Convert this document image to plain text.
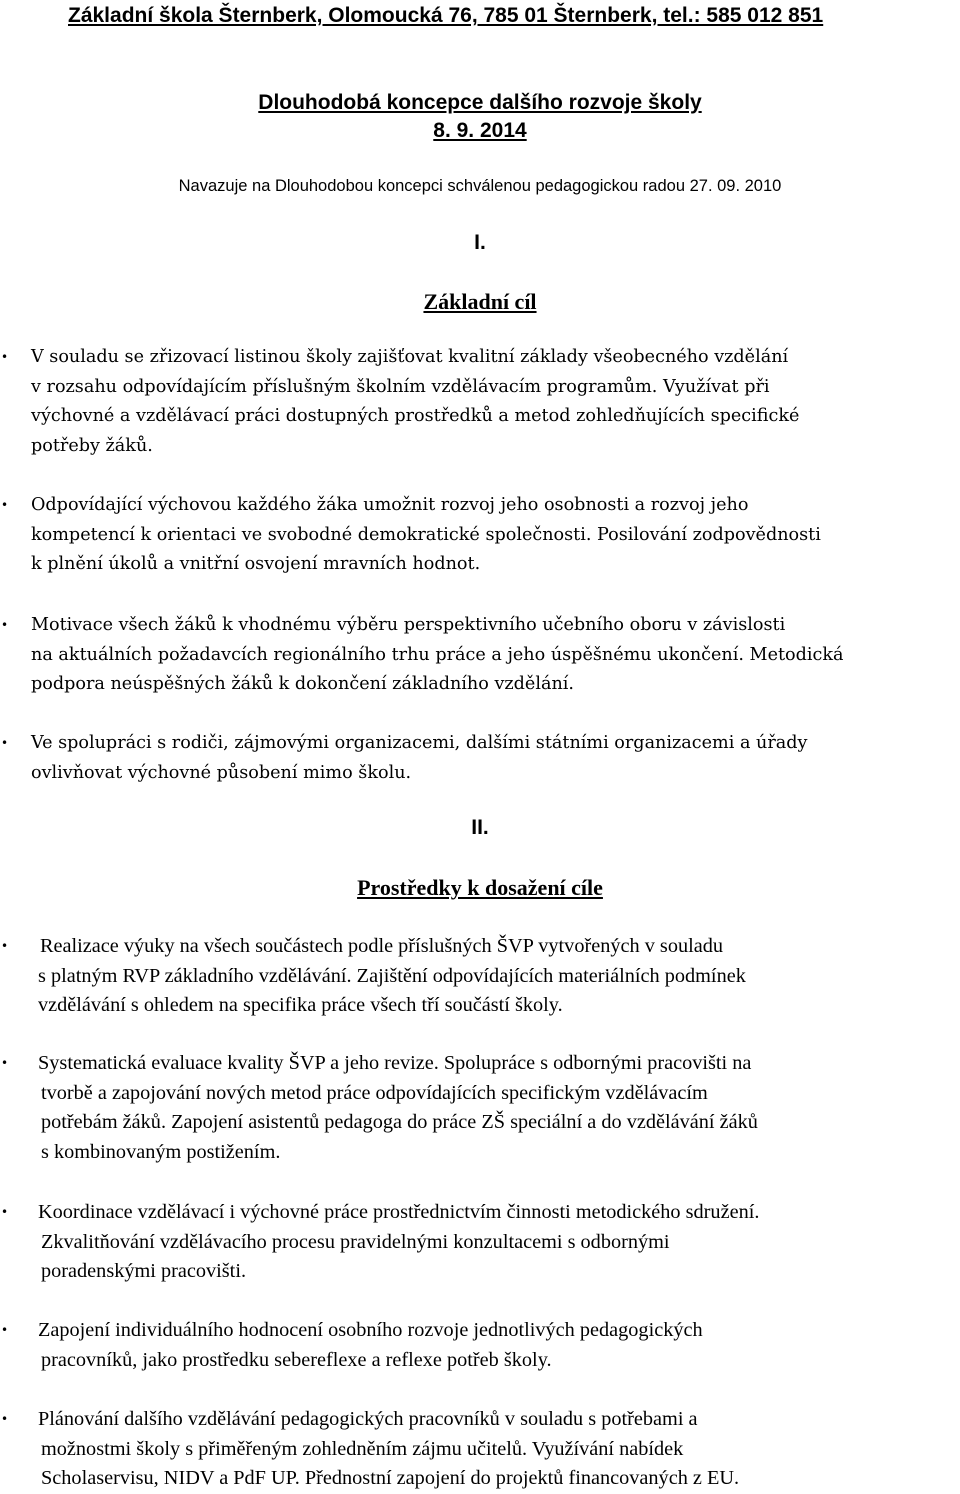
Základní škola Šternberk, Olomoucká 76, 785 01 Šternberk, tel.: 585 012 851
Dlouhodobá koncepce dalšího rozvoje školy
8. 9. 2014
Navazuje na Dlouhodobou koncepci schválenou pedagogickou radou 27. 09. 2010
I.
Základní cíl
• V souladu se zřizovací listinou školy zajišťovat kvalitní základy všeobecného vzdělání
v rozsahu odpovídajícím příslušným školním vzdělávacím programům. Využívat při
výchovné a vzdělávací práci dostupných prostředků a metod zohledňujících specifické
potřeby žáků.
• Odpovídající výchovou každého žáka umožnit rozvoj jeho osobnosti a rozvoj jeho
kompetencí k orientaci ve svobodné demokratické společnosti. Posilování zodpovědnosti
k plnění úkolů a vnitřní osvojení mravních hodnot.
• Motivace všech žáků k vhodnému výběru perspektivního učebního oboru v závislosti
na aktuálních požadavcích regionálního trhu práce a jeho úspěšnému ukončení. Metodická
podpora neúspěšných žáků k dokončení základního vzdělání.
• Ve spolupráci s rodiči, zájmovými organizacemi, dalšími státními organizacemi a úřady
ovlivňovat výchovné působení mimo školu.
II.
Prostředky k dosažení cíle
• Realizace výuky na všech součástech podle příslušných ŠVP vytvořených v souladu
s platným RVP základního vzdělávání. Zajištění odpovídajících materiálních podmínek
vzdělávání s ohledem na specifika práce všech tří součástí školy.
• Systematická evaluace kvality ŠVP a jeho revize. Spolupráce s odbornými pracovišti na
tvorbě a zapojování nových metod práce odpovídajících specifickým vzdělávacím
potřebám žáků. Zapojení asistentů pedagoga do práce ZŠ speciální a do vzdělávání žáků
s kombinovaným postižením.
• Koordinace vzdělávací i výchovné práce prostřednictvím činnosti metodického sdružení.
Zkvalitňování vzdělávacího procesu pravidelnými konzultacemi s odbornými
poradenskými pracovišti.
• Zapojení individuálního hodnocení osobního rozvoje jednotlivých pedagogických
pracovníků, jako prostředku sebereflexe a reflexe potřeb školy.
• Plánování dalšího vzdělávání pedagogických pracovníků v souladu s potřebami a
možnostmi školy s přiměřeným zohledněním zájmu učitelů. Využívání nabídek
Scholaservisu, NIDV a PdF UP. Přednostní zapojení do projektů financovaných z EU.
